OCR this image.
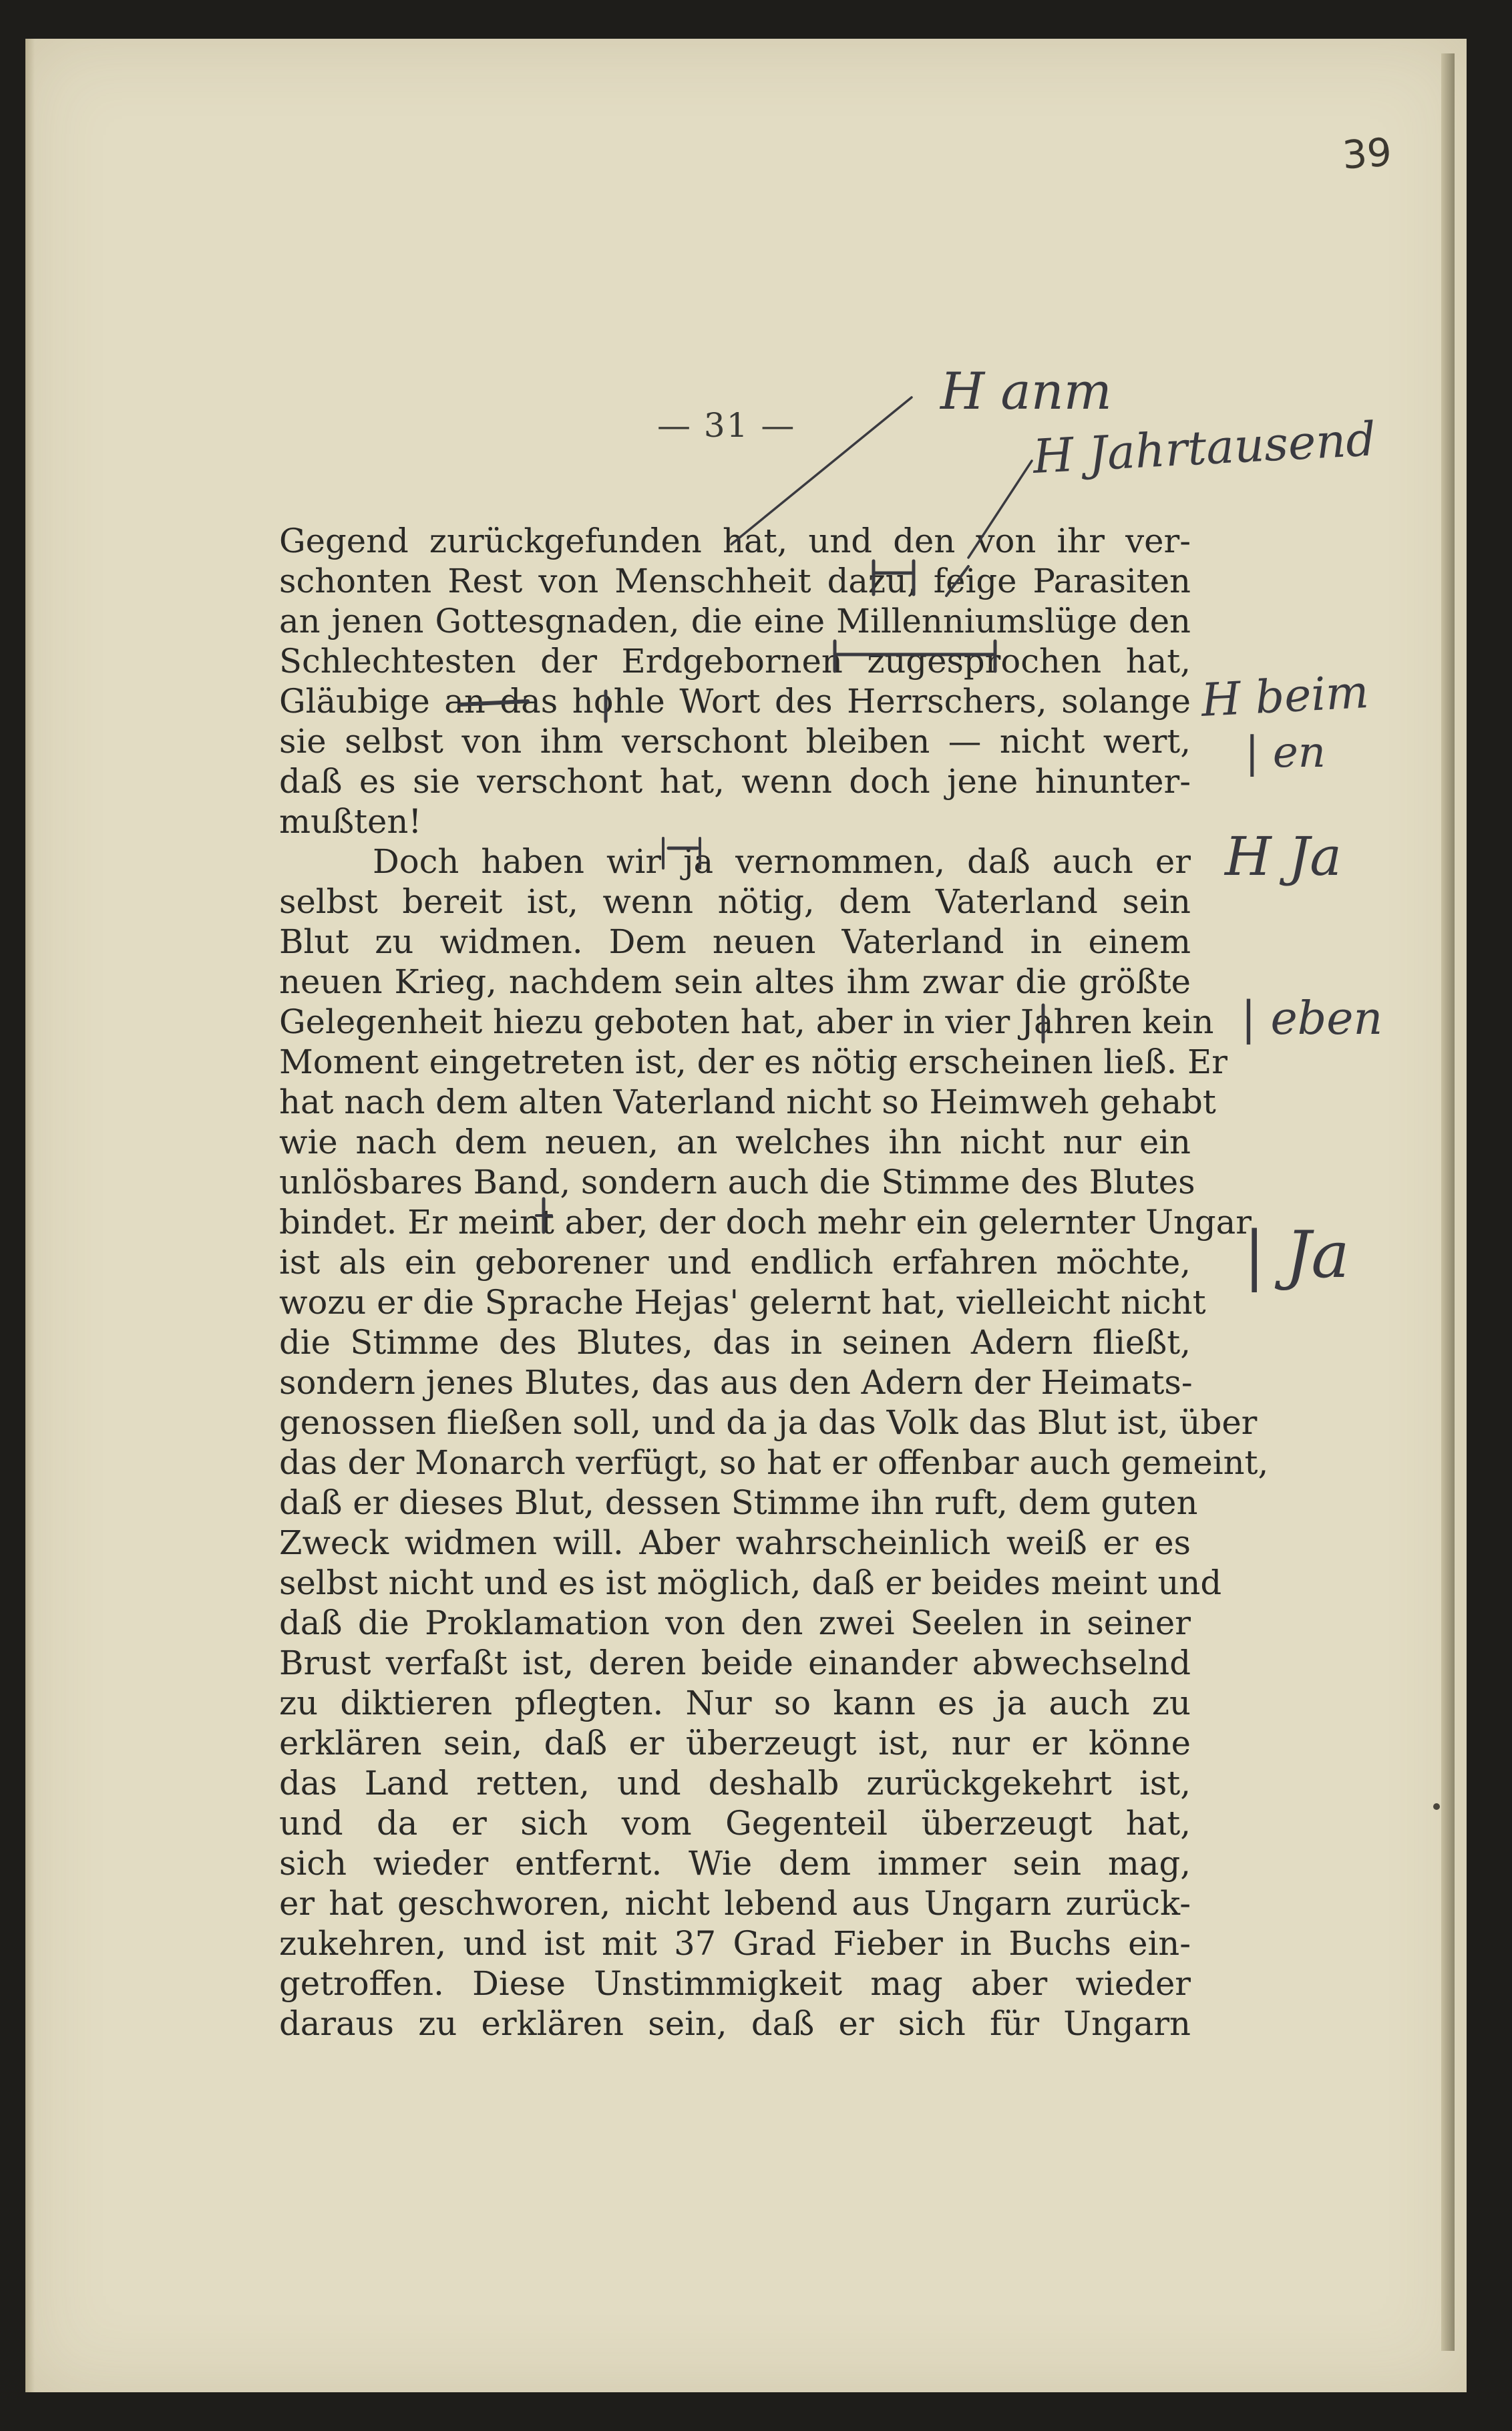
39
— 31 —
Gegend zurückgefunden hat, und den von ihr ver-
schonten Rest von Menschheit dazu, feige Parasiten
an jenen Gottesgnaden, die eine Millenniumslüge den
Schlechtesten der Erdgebornen zugesprochen hat,
Gläubige an das hohle Wort des Herrschers, solange
sie selbst von ihm verschont bleiben — nicht wert,
daß es sie verschont hat, wenn doch jene hinunter-
mußten!
Doch haben wir ja vernommen, daß auch er
selbst bereit ist, wenn nötig, dem Vaterland sein
Blut zu widmen. Dem neuen Vaterland in einem
neuen Krieg, nachdem sein altes ihm zwar die größte
Gelegenheit hiezu geboten hat, aber in vier Jahren kein
Moment eingetreten ist, der es nötig erscheinen ließ. Er
hat nach dem alten Vaterland nicht so Heimweh gehabt
wie nach dem neuen, an welches ihn nicht nur ein
unlösbares Band, sondern auch die Stimme des Blutes
bindet. Er meint aber, der doch mehr ein gelernter Ungar
ist als ein geborener und endlich erfahren möchte,
wozu er die Sprache Hejas' gelernt hat, vielleicht nicht
die Stimme des Blutes, das in seinen Adern fließt,
sondern jenes Blutes, das aus den Adern der Heimats-
genossen fließen soll, und da ja das Volk das Blut ist, über
das der Monarch verfügt, so hat er offenbar auch gemeint,
daß er dieses Blut, dessen Stimme ihn ruft, dem guten
Zweck widmen will. Aber wahrscheinlich weiß er es
selbst nicht und es ist möglich, daß er beides meint und
daß die Proklamation von den zwei Seelen in seiner
Brust verfaßt ist, deren beide einander abwechselnd
zu diktieren pflegten. Nur so kann es ja auch zu
erklären sein, daß er überzeugt ist, nur er könne
das Land retten, und deshalb zurückgekehrt ist,
und da er sich vom Gegenteil überzeugt hat,
sich wieder entfernt. Wie dem immer sein mag,
er hat geschworen, nicht lebend aus Ungarn zurück-
zukehren, und ist mit 37 Grad Fieber in Buchs ein-
getroffen. Diese Unstimmigkeit mag aber wieder
daraus zu erklären sein, daß er sich für Ungarn
H anm
H Jahrtausend
H beim
| en
H Ja
| eben
| Ja
